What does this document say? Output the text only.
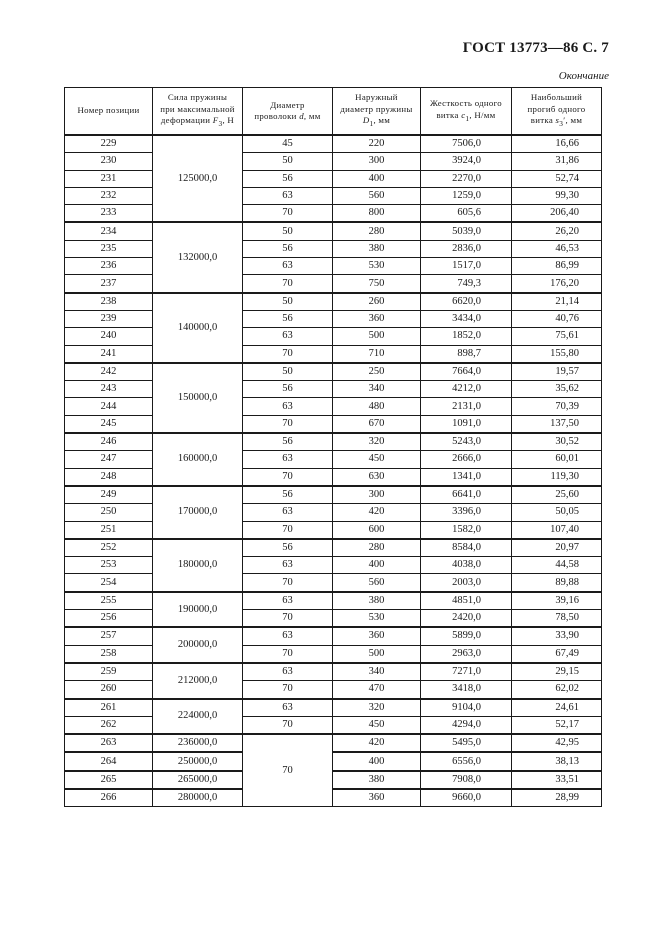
ГОСТ 13773—86 С. 7
Окончание
Номер позиции	Сила пружины
при максимальной
деформации $F_3$, Н	Диаметр
проволоки d, мм	Наружный
диаметр пружины
$D_1$, мм	Жесткость одного
витка $c_1$, Н/мм	Наибольший
прогиб одного
витка $s_3'$, мм
229	125000,0	45	220	7506,0	16,66
230		50	300	3924,0	31,86
231		56	400	2270,0	52,74
232		63	560	1259,0	99,30
233		70	800	605,6	206,40
234	132000,0	50	280	5039,0	26,20
235		56	380	2836,0	46,53
236		63	530	1517,0	86,99
237		70	750	749,3	176,20
238	140000,0	50	260	6620,0	21,14
239		56	360	3434,0	40,76
240		63	500	1852,0	75,61
241		70	710	898,7	155,80
242	150000,0	50	250	7664,0	19,57
243		56	340	4212,0	35,62
244		63	480	2131,0	70,39
245		70	670	1091,0	137,50
246	160000,0	56	320	5243,0	30,52
247		63	450	2666,0	60,01
248		70	630	1341,0	119,30
249	170000,0	56	300	6641,0	25,60
250		63	420	3396,0	50,05
251		70	600	1582,0	107,40
252	180000,0	56	280	8584,0	20,97
253		63	400	4038,0	44,58
254		70	560	2003,0	89,88
255	190000,0	63	380	4851,0	39,16
256		70	530	2420,0	78,50
257	200000,0	63	360	5899,0	33,90
258		70	500	2963,0	67,49
259	212000,0	63	340	7271,0	29,15
260		70	470	3418,0	62,02
261	224000,0	63	320	9104,0	24,61
262		70	450	4294,0	52,17
263	236000,0	70	420	5495,0	42,95
264	250000,0		400	6556,0	38,13
265	265000,0		380	7908,0	33,51
266	280000,0		360	9660,0	28,99
